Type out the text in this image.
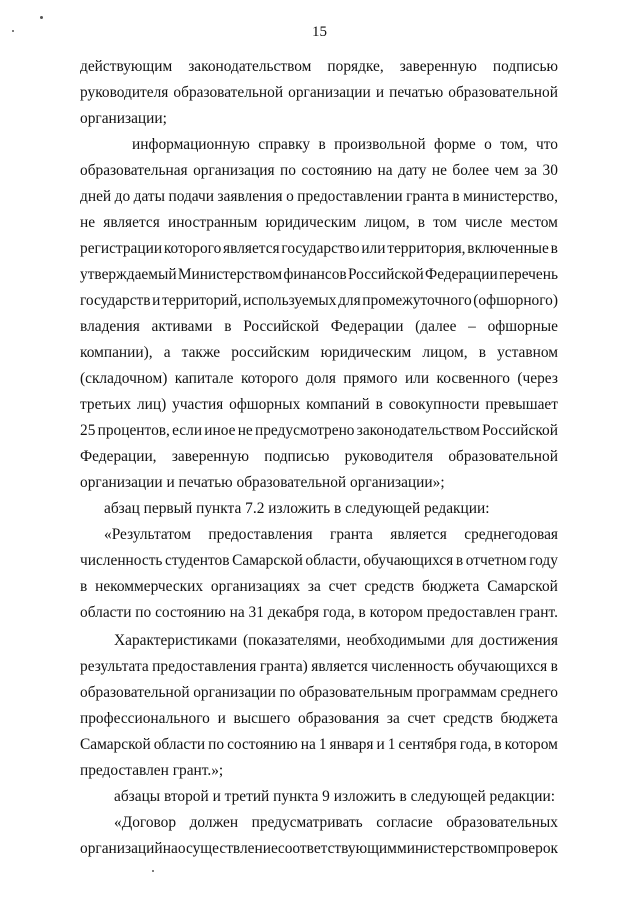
15
действующим законодательством порядке, заверенную подписью
руководителя образовательной организации и печатью образовательной
организации;
информационную справку в произвольной форме о том, что
образовательная организация по состоянию на дату не более чем за 30
дней до даты подачи заявления о предоставлении гранта в министерство,
не является иностранным юридическим лицом, в том числе местом
регистрации которого является государство или территория, включенные в
утверждаемый Министерством финансов Российской Федерации перечень
государств и территорий, используемых для промежуточного (офшорного)
владения активами в Российской Федерации (далее – офшорные
компании), а также российским юридическим лицом, в уставном
(складочном) капитале которого доля прямого или косвенного (через
третьих лиц) участия офшорных компаний в совокупности превышает
25 процентов, если иное не предусмотрено законодательством Российской
Федерации, заверенную подписью руководителя образовательной
организации и печатью образовательной организации»;
абзац первый пункта 7.2 изложить в следующей редакции:
«Результатом предоставления гранта является среднегодовая
численность студентов Самарской области, обучающихся в отчетном году
в некоммерческих организациях за счет средств бюджета Самарской
области по состоянию на 31 декабря года, в котором предоставлен грант.
Характеристиками (показателями, необходимыми для достижения
результата предоставления гранта) является численность обучающихся в
образовательной организации по образовательным программам среднего
профессионального и высшего образования за счет средств бюджета
Самарской области по состоянию на 1 января и 1 сентября года, в котором
предоставлен грант.»;
абзацы второй и третий пункта 9 изложить в следующей редакции:
«Договор должен предусматривать согласие образовательных
организаций на осуществление соответствующим министерством проверок
